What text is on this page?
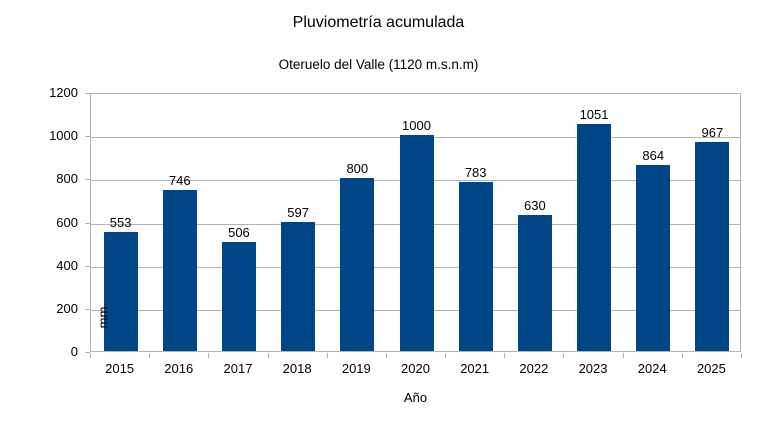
Pluviometría acumulada
Oteruelo del Valle (1120 m.s.n.m)
553
746
506
597
800
1000
783
630
1051
864
967
mm
0
200
400
600
800
1000
1200
2015	2016	2017	2018	2019	2020	2021	2022	2023	2024	2025
Año
